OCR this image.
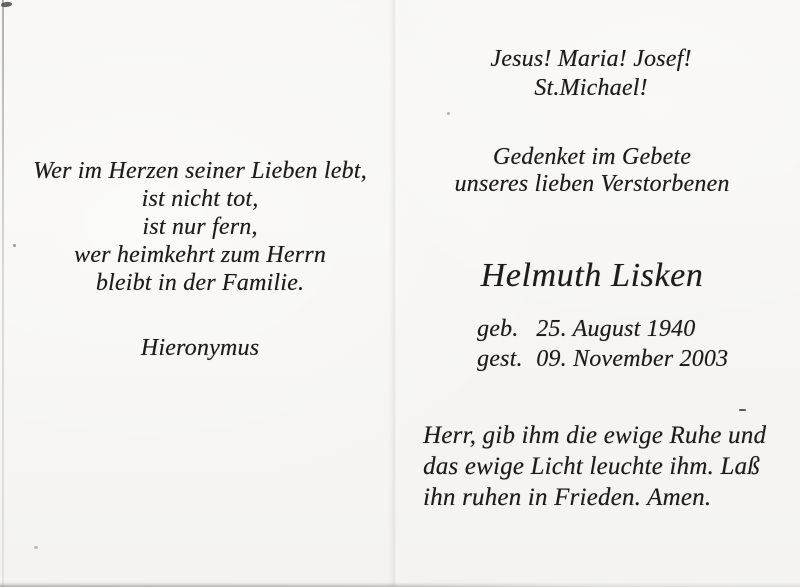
Wer im Herzen seiner Lieben lebt,
ist nicht tot,
ist nur fern,
wer heimkehrt zum Herrn
bleibt in der Familie.
Hieronymus
Jesus! Maria! Josef!
St.Michael!
Gedenket im Gebete
unseres lieben Verstorbenen
Helmuth Lisken
geb. 25. August 1940
gest. 09. November 2003
Herr, gib ihm die ewige Ruhe und
das ewige Licht leuchte ihm. Laß
ihn ruhen in Frieden. Amen.
